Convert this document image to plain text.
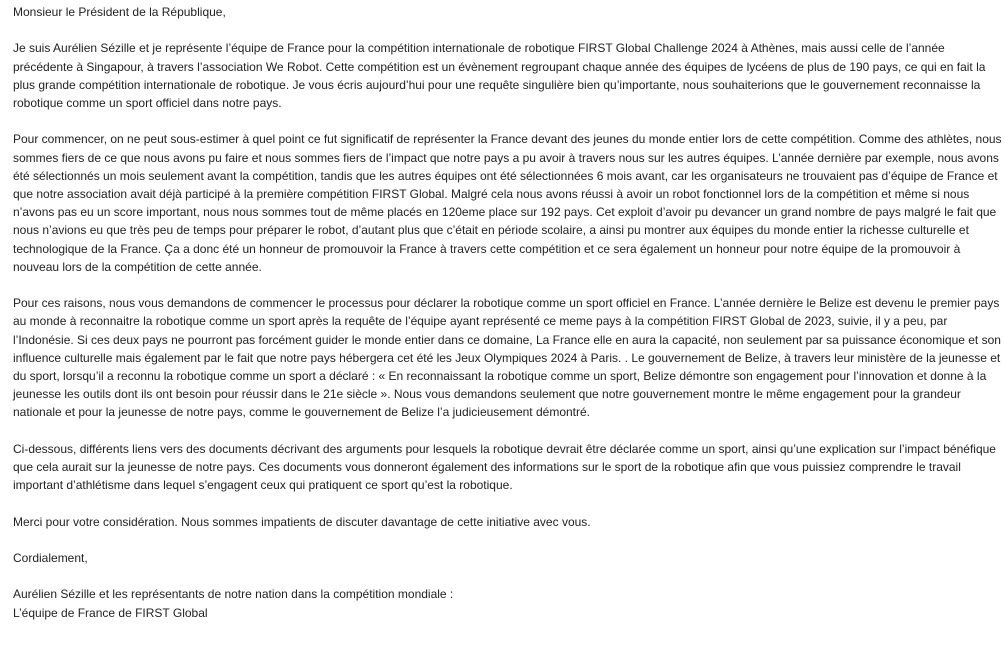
Monsieur le Président de la République,

Je suis Aurélien Sézille et je représente l’équipe de France pour la compétition internationale de robotique FIRST Global Challenge 2024 à Athènes, mais aussi celle de l’année précédente à Singapour, à travers l’association We Robot. Cette compétition est un évènement regroupant chaque année des équipes de lycéens de plus de 190 pays, ce qui en fait la plus grande compétition internationale de robotique. Je vous écris aujourd’hui pour une requête singulière bien qu’importante, nous souhaiterions que le gouvernement reconnaisse la robotique comme un sport officiel dans notre pays.

Pour commencer, on ne peut sous-estimer à quel point ce fut significatif de représenter la France devant des jeunes du monde entier lors de cette compétition. Comme des athlètes, nous sommes fiers de ce que nous avons pu faire et nous sommes fiers de l’impact que notre pays a pu avoir à travers nous sur les autres équipes. L’année dernière par exemple, nous avons été sélectionnés un mois seulement avant la compétition, tandis que les autres équipes ont été sélectionnées 6 mois avant, car les organisateurs ne trouvaient pas d’équipe de France et que notre association avait déjà participé à la première compétition FIRST Global. Malgré cela nous avons réussi à avoir un robot fonctionnel lors de la compétition et même si nous n’avons pas eu un score important, nous nous sommes tout de même placés en 120eme place sur 192 pays. Cet exploit d’avoir pu devancer un grand nombre de pays malgré le fait que nous n’avions eu que très peu de temps pour préparer le robot, d’autant plus que c’était en période scolaire, a ainsi pu montrer aux équipes du monde entier la richesse culturelle et technologique de la France. Ça a donc été un honneur de promouvoir la France à travers cette compétition et ce sera également un honneur pour notre équipe de la promouvoir à nouveau lors de la compétition de cette année.

Pour ces raisons, nous vous demandons de commencer le processus pour déclarer la robotique comme un sport officiel en France. L’année dernière le Belize est devenu le premier pays au monde à reconnaitre la robotique comme un sport après la requête de l’équipe ayant représenté ce meme pays à la compétition FIRST Global de 2023, suivie, il y a peu, par l’Indonésie. Si ces deux pays ne pourront pas forcément guider le monde entier dans ce domaine, La France elle en aura la capacité, non seulement par sa puissance économique et son influence culturelle mais également par le fait que notre pays hébergera cet été les Jeux Olympiques 2024 à Paris. . Le gouvernement de Belize, à travers leur ministère de la jeunesse et du sport, lorsqu’il a reconnu la robotique comme un sport a déclaré : « En reconnaissant la robotique comme un sport, Belize démontre son engagement pour l’innovation et donne à la jeunesse les outils dont ils ont besoin pour réussir dans le 21e siècle ». Nous vous demandons seulement que notre gouvernement montre le même engagement pour la grandeur nationale et pour la jeunesse de notre pays, comme le gouvernement de Belize l’a judicieusement démontré.

Ci-dessous, différents liens vers des documents décrivant des arguments pour lesquels la robotique devrait être déclarée comme un sport, ainsi qu’une explication sur l’impact bénéfique que cela aurait sur la jeunesse de notre pays. Ces documents vous donneront également des informations sur le sport de la robotique afin que vous puissiez comprendre le travail important d’athlétisme dans lequel s’engagent ceux qui pratiquent ce sport qu’est la robotique.

Merci pour votre considération. Nous sommes impatients de discuter davantage de cette initiative avec vous.

Cordialement,

Aurélien Sézille et les représentants de notre nation dans la compétition mondiale :
L’équipe de France de FIRST Global
